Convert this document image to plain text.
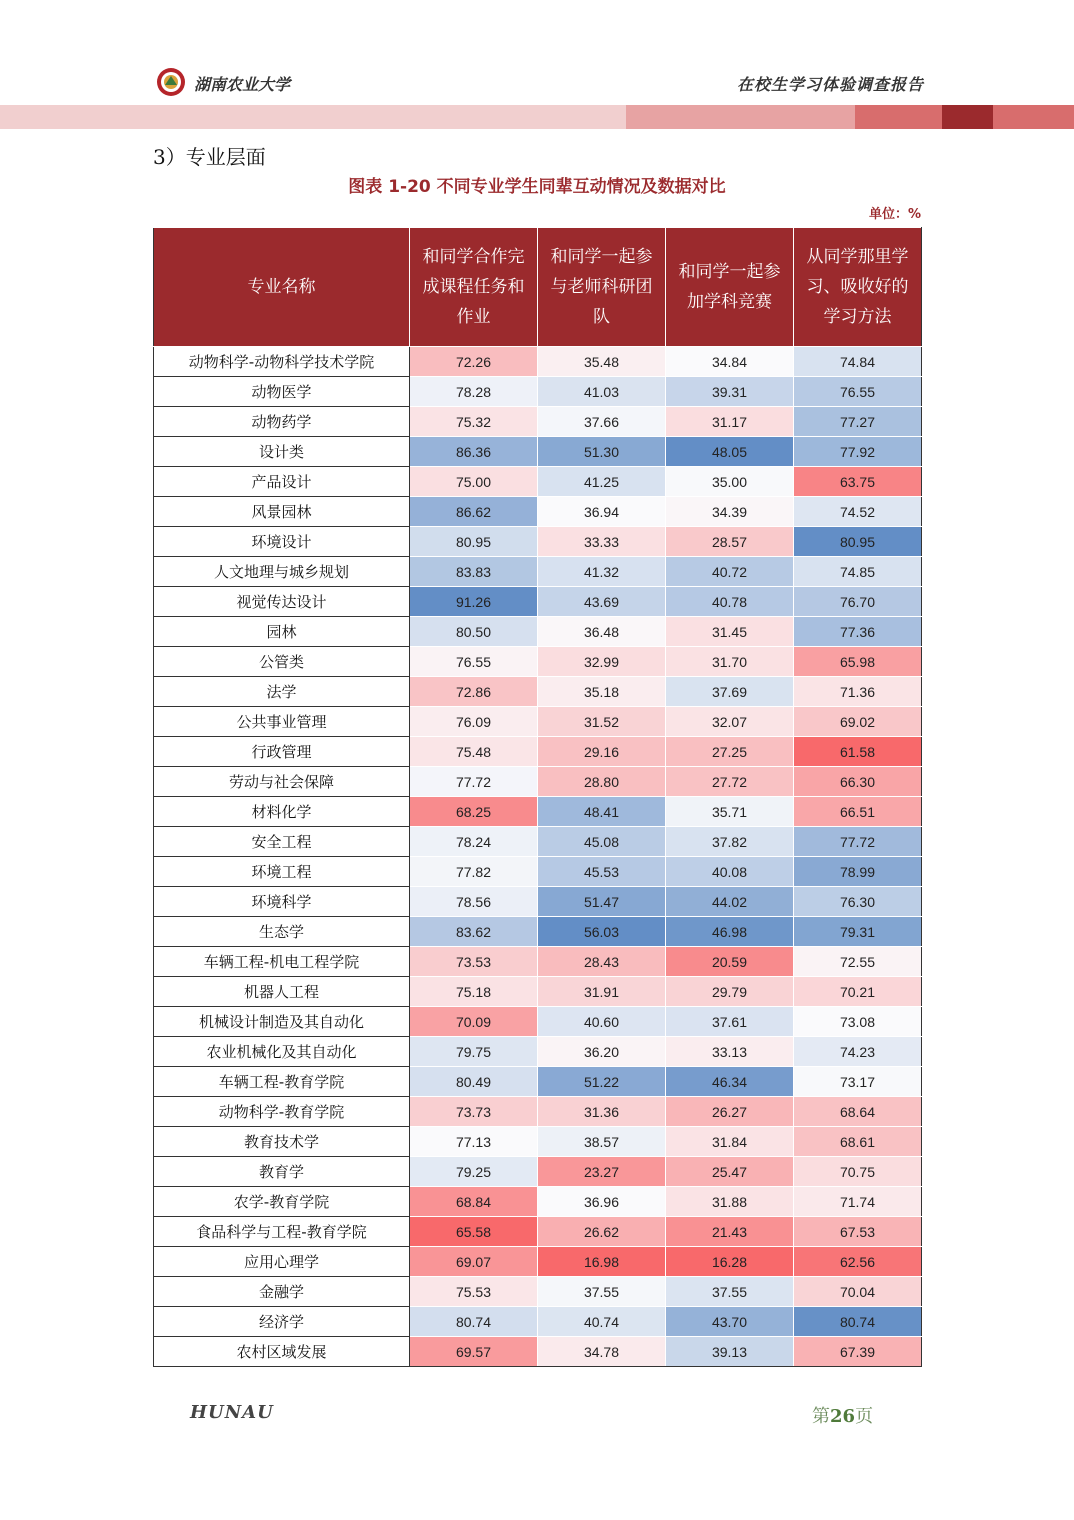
湖南农业大学	在校生学习体验调查报告
3）专业层面
图表 1-20 不同专业学生同辈互动情况及数据对比
单位：%
专业名称	和同学合作完成课程任务和作业	和同学一起参与老师科研团队	和同学一起参加学科竞赛	从同学那里学习、吸收好的学习方法
动物科学-动物科学技术学院	72.26	35.48	34.84	74.84
动物医学	78.28	41.03	39.31	76.55
动物药学	75.32	37.66	31.17	77.27
设计类	86.36	51.30	48.05	77.92
产品设计	75.00	41.25	35.00	63.75
风景园林	86.62	36.94	34.39	74.52
环境设计	80.95	33.33	28.57	80.95
人文地理与城乡规划	83.83	41.32	40.72	74.85
视觉传达设计	91.26	43.69	40.78	76.70
园林	80.50	36.48	31.45	77.36
公管类	76.55	32.99	31.70	65.98
法学	72.86	35.18	37.69	71.36
公共事业管理	76.09	31.52	32.07	69.02
行政管理	75.48	29.16	27.25	61.58
劳动与社会保障	77.72	28.80	27.72	66.30
材料化学	68.25	48.41	35.71	66.51
安全工程	78.24	45.08	37.82	77.72
环境工程	77.82	45.53	40.08	78.99
环境科学	78.56	51.47	44.02	76.30
生态学	83.62	56.03	46.98	79.31
车辆工程-机电工程学院	73.53	28.43	20.59	72.55
机器人工程	75.18	31.91	29.79	70.21
机械设计制造及其自动化	70.09	40.60	37.61	73.08
农业机械化及其自动化	79.75	36.20	33.13	74.23
车辆工程-教育学院	80.49	51.22	46.34	73.17
动物科学-教育学院	73.73	31.36	26.27	68.64
教育技术学	77.13	38.57	31.84	68.61
教育学	79.25	23.27	25.47	70.75
农学-教育学院	68.84	36.96	31.88	71.74
食品科学与工程-教育学院	65.58	26.62	21.43	67.53
应用心理学	69.07	16.98	16.28	62.56
金融学	75.53	37.55	37.55	70.04
经济学	80.74	40.74	43.70	80.74
农村区域发展	69.57	34.78	39.13	67.39
HUNAU	第26页
